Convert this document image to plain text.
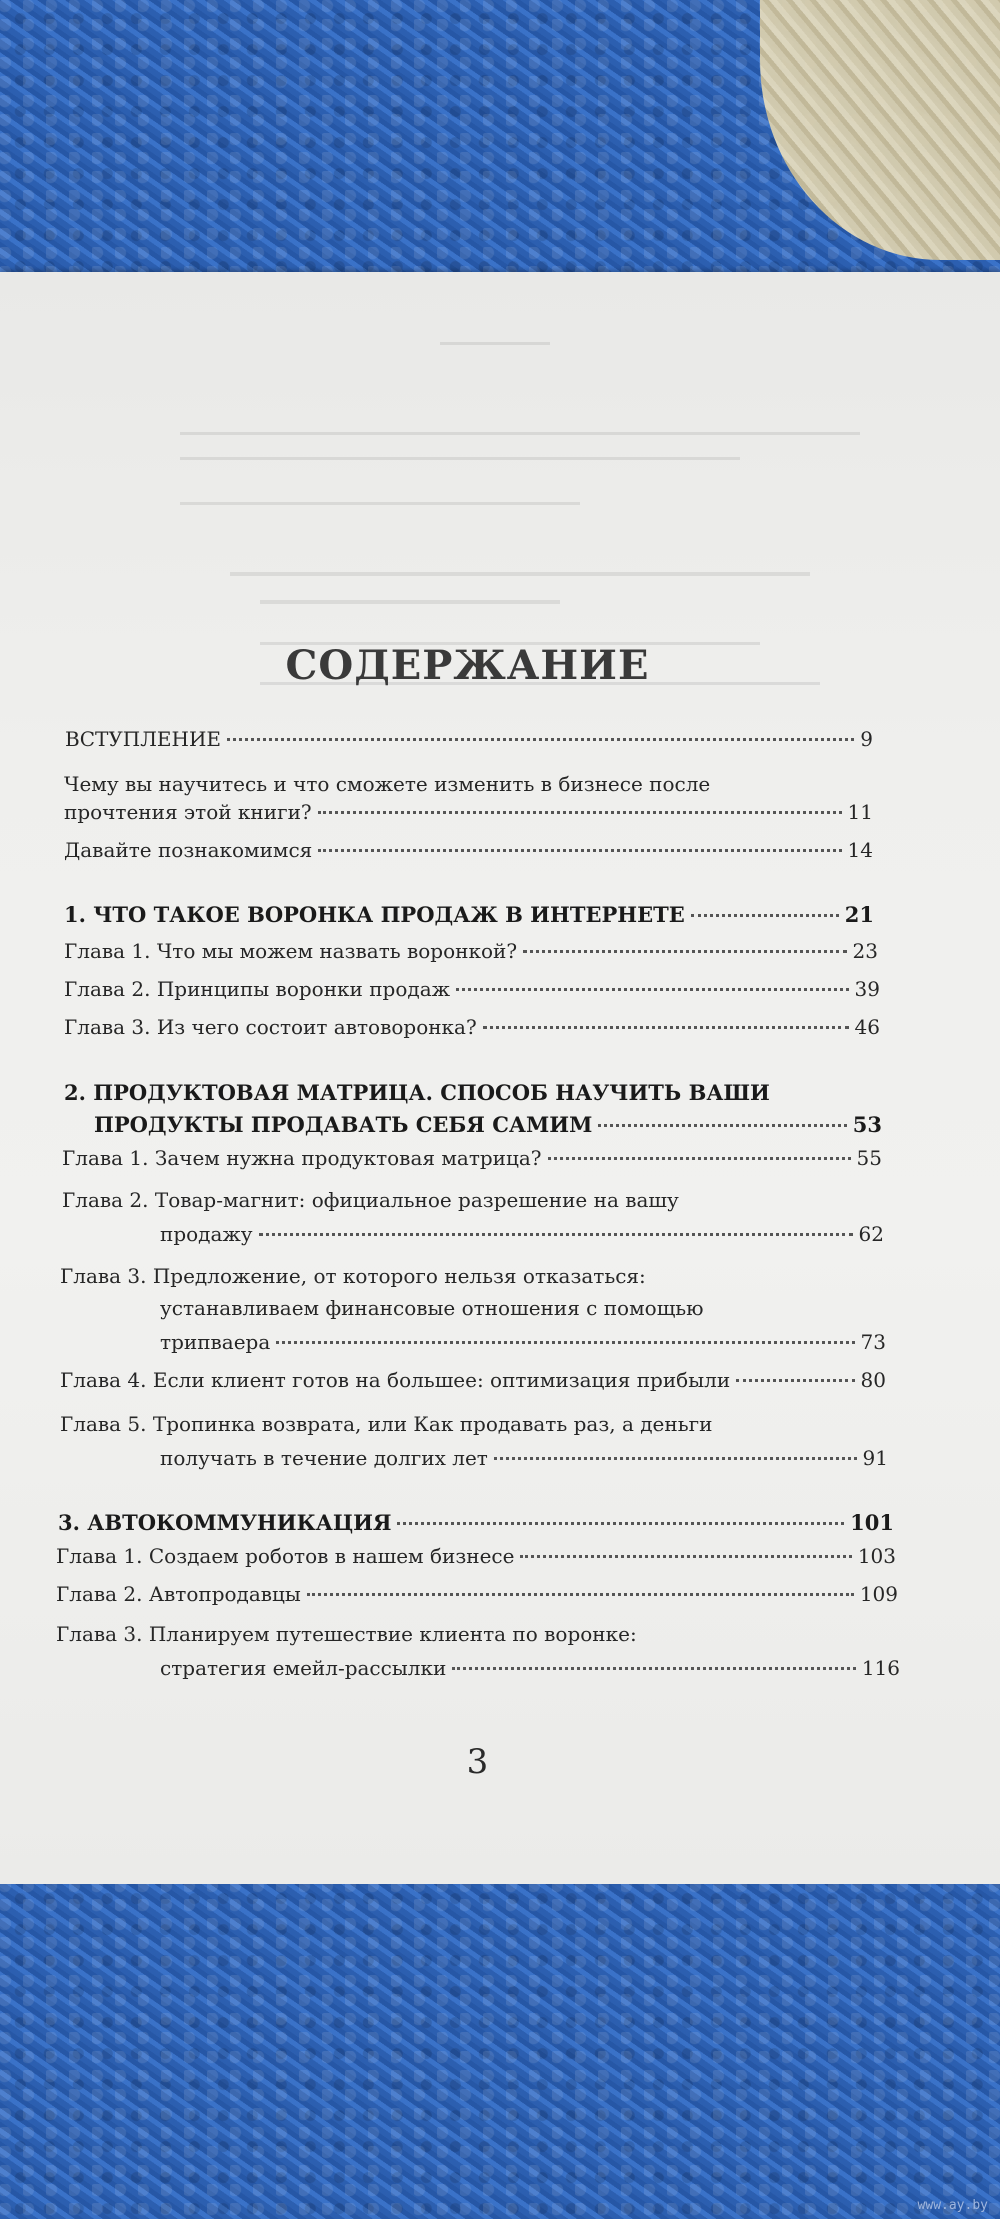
www.ay.by
СОДЕРЖАНИЕ
ВСТУПЛЕНИЕ	9
Чему вы научитесь и что сможете изменить в бизнесе после
прочтения этой книги?	11
Давайте познакомимся	14
1. ЧТО ТАКОЕ ВОРОНКА ПРОДАЖ В ИНТЕРНЕТЕ	21
Глава 1. Что мы можем назвать воронкой?	23
Глава 2. Принципы воронки продаж	39
Глава 3. Из чего состоит автоворонка?	46
2. ПРОДУКТОВАЯ МАТРИЦА. СПОСОБ НАУЧИТЬ ВАШИ
ПРОДУКТЫ ПРОДАВАТЬ СЕБЯ САМИМ	53
Глава 1. Зачем нужна продуктовая матрица?	55
Глава 2. Товар-магнит: официальное разрешение на вашу
продажу	62
Глава 3. Предложение, от которого нельзя отказаться:
устанавливаем финансовые отношения с помощью
трипваера	73
Глава 4. Если клиент готов на большее: оптимизация прибыли	80
Глава 5. Тропинка возврата, или Как продавать раз, а деньги
получать в течение долгих лет	91
3. АВТОКОММУНИКАЦИЯ	101
Глава 1. Создаем роботов в нашем бизнесе	103
Глава 2. Автопродавцы	109
Глава 3. Планируем путешествие клиента по воронке:
стратегия емейл-рассылки	116
3
